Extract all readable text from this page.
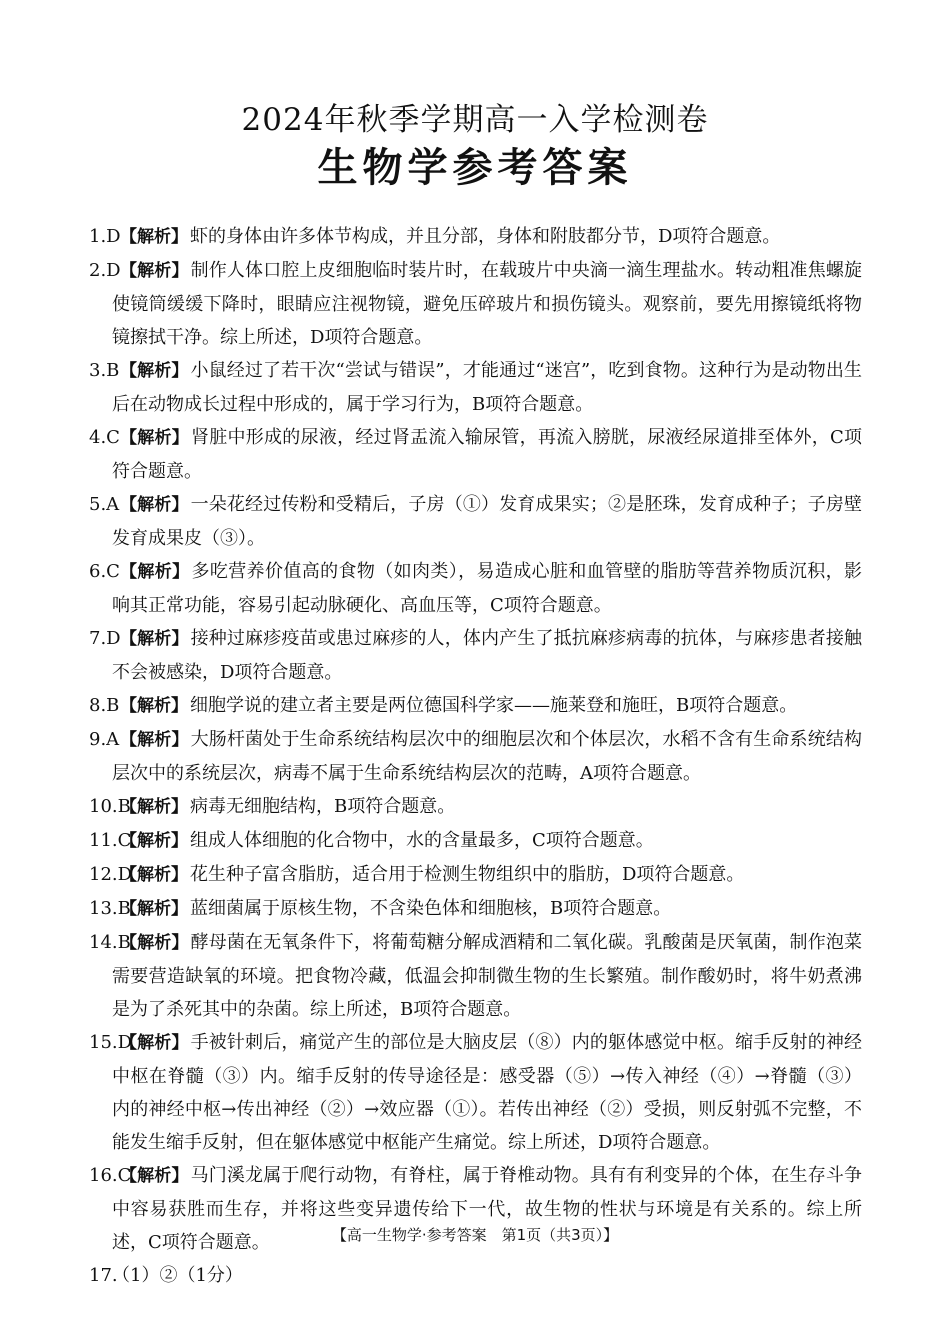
2024年秋季学期高一入学检测卷
生物学参考答案
1.D 【解析】 虾的身体由许多体节构成，并且分部，身体和附肢都分节，D项符合题意。
2.D 【解析】 制作人体口腔上皮细胞临时装片时，在载玻片中央滴一滴生理盐水。转动粗准焦螺旋使镜筒缓缓下降时，眼睛应注视物镜，避免压碎玻片和损伤镜头。观察前，要先用擦镜纸将物镜擦拭干净。综上所述，D项符合题意。
3.B 【解析】 小鼠经过了若干次“尝试与错误”，才能通过“迷宫”，吃到食物。这种行为是动物出生后在动物成长过程中形成的，属于学习行为，B项符合题意。
4.C 【解析】 肾脏中形成的尿液，经过肾盂流入输尿管，再流入膀胱，尿液经尿道排至体外，C项符合题意。
5.A 【解析】 一朵花经过传粉和受精后，子房（①）发育成果实；②是胚珠，发育成种子；子房壁发育成果皮（③）。
6.C 【解析】 多吃营养价值高的食物（如肉类），易造成心脏和血管壁的脂肪等营养物质沉积，影响其正常功能，容易引起动脉硬化、高血压等，C项符合题意。
7.D 【解析】 接种过麻疹疫苗或患过麻疹的人，体内产生了抵抗麻疹病毒的抗体，与麻疹患者接触不会被感染，D项符合题意。
8.B 【解析】 细胞学说的建立者主要是两位德国科学家——施莱登和施旺，B项符合题意。
9.A 【解析】 大肠杆菌处于生命系统结构层次中的细胞层次和个体层次，水稻不含有生命系统结构层次中的系统层次，病毒不属于生命系统结构层次的范畴，A项符合题意。
10.B
【解析】 病毒无细胞结构，B项符合题意。
11.C
【解析】 组成人体细胞的化合物中，水的含量最多，C项符合题意。
12.D
【解析】 花生种子富含脂肪，适合用于检测生物组织中的脂肪，D项符合题意。
13.B
【解析】 蓝细菌属于原核生物，不含染色体和细胞核，B项符合题意。
14.B
【解析】 酵母菌在无氧条件下，将葡萄糖分解成酒精和二氧化碳。乳酸菌是厌氧菌，制作泡菜需要营造缺氧的环境。把食物冷藏，低温会抑制微生物的生长繁殖。制作酸奶时，将牛奶煮沸是为了杀死其中的杂菌。综上所述，B项符合题意。
15.D
【解析】 手被针刺后，痛觉产生的部位是大脑皮层（⑧）内的躯体感觉中枢。缩手反射的神经中枢在脊髓（③）内。缩手反射的传导途径是：感受器（⑤）→传入神经（④）→脊髓（③）内的神经中枢→传出神经（②）→效应器（①）。若传出神经（②）受损，则反射弧不完整，不能发生缩手反射，但在躯体感觉中枢能产生痛觉。综上所述，D项符合题意。
16.C
【解析】 马门溪龙属于爬行动物，有脊柱，属于脊椎动物。具有有利变异的个体，在生存斗争中容易获胜而生存，并将这些变异遗传给下一代，故生物的性状与环境是有关系的。综上所述，C项符合题意。
17.
（1）②（1分）
【高一生物学·参考答案　第1页（共3页）】
